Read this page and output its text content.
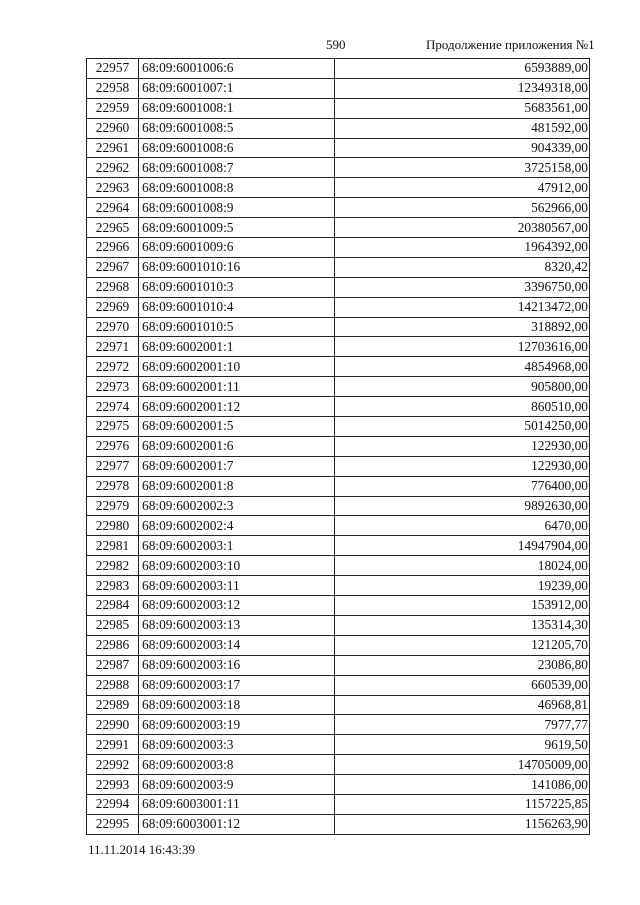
590	Продолжение приложения №1
22957	68:09:6001006:6	6593889,00
22958	68:09:6001007:1	12349318,00
22959	68:09:6001008:1	5683561,00
22960	68:09:6001008:5	481592,00
22961	68:09:6001008:6	904339,00
22962	68:09:6001008:7	3725158,00
22963	68:09:6001008:8	47912,00
22964	68:09:6001008:9	562966,00
22965	68:09:6001009:5	20380567,00
22966	68:09:6001009:6	1964392,00
22967	68:09:6001010:16	8320,42
22968	68:09:6001010:3	3396750,00
22969	68:09:6001010:4	14213472,00
22970	68:09:6001010:5	318892,00
22971	68:09:6002001:1	12703616,00
22972	68:09:6002001:10	4854968,00
22973	68:09:6002001:11	905800,00
22974	68:09:6002001:12	860510,00
22975	68:09:6002001:5	5014250,00
22976	68:09:6002001:6	122930,00
22977	68:09:6002001:7	122930,00
22978	68:09:6002001:8	776400,00
22979	68:09:6002002:3	9892630,00
22980	68:09:6002002:4	6470,00
22981	68:09:6002003:1	14947904,00
22982	68:09:6002003:10	18024,00
22983	68:09:6002003:11	19239,00
22984	68:09:6002003:12	153912,00
22985	68:09:6002003:13	135314,30
22986	68:09:6002003:14	121205,70
22987	68:09:6002003:16	23086,80
22988	68:09:6002003:17	660539,00
22989	68:09:6002003:18	46968,81
22990	68:09:6002003:19	7977,77
22991	68:09:6002003:3	9619,50
22992	68:09:6002003:8	14705009,00
22993	68:09:6002003:9	141086,00
22994	68:09:6003001:11	1157225,85
22995	68:09:6003001:12	1156263,90
11.11.2014 16:43:39
